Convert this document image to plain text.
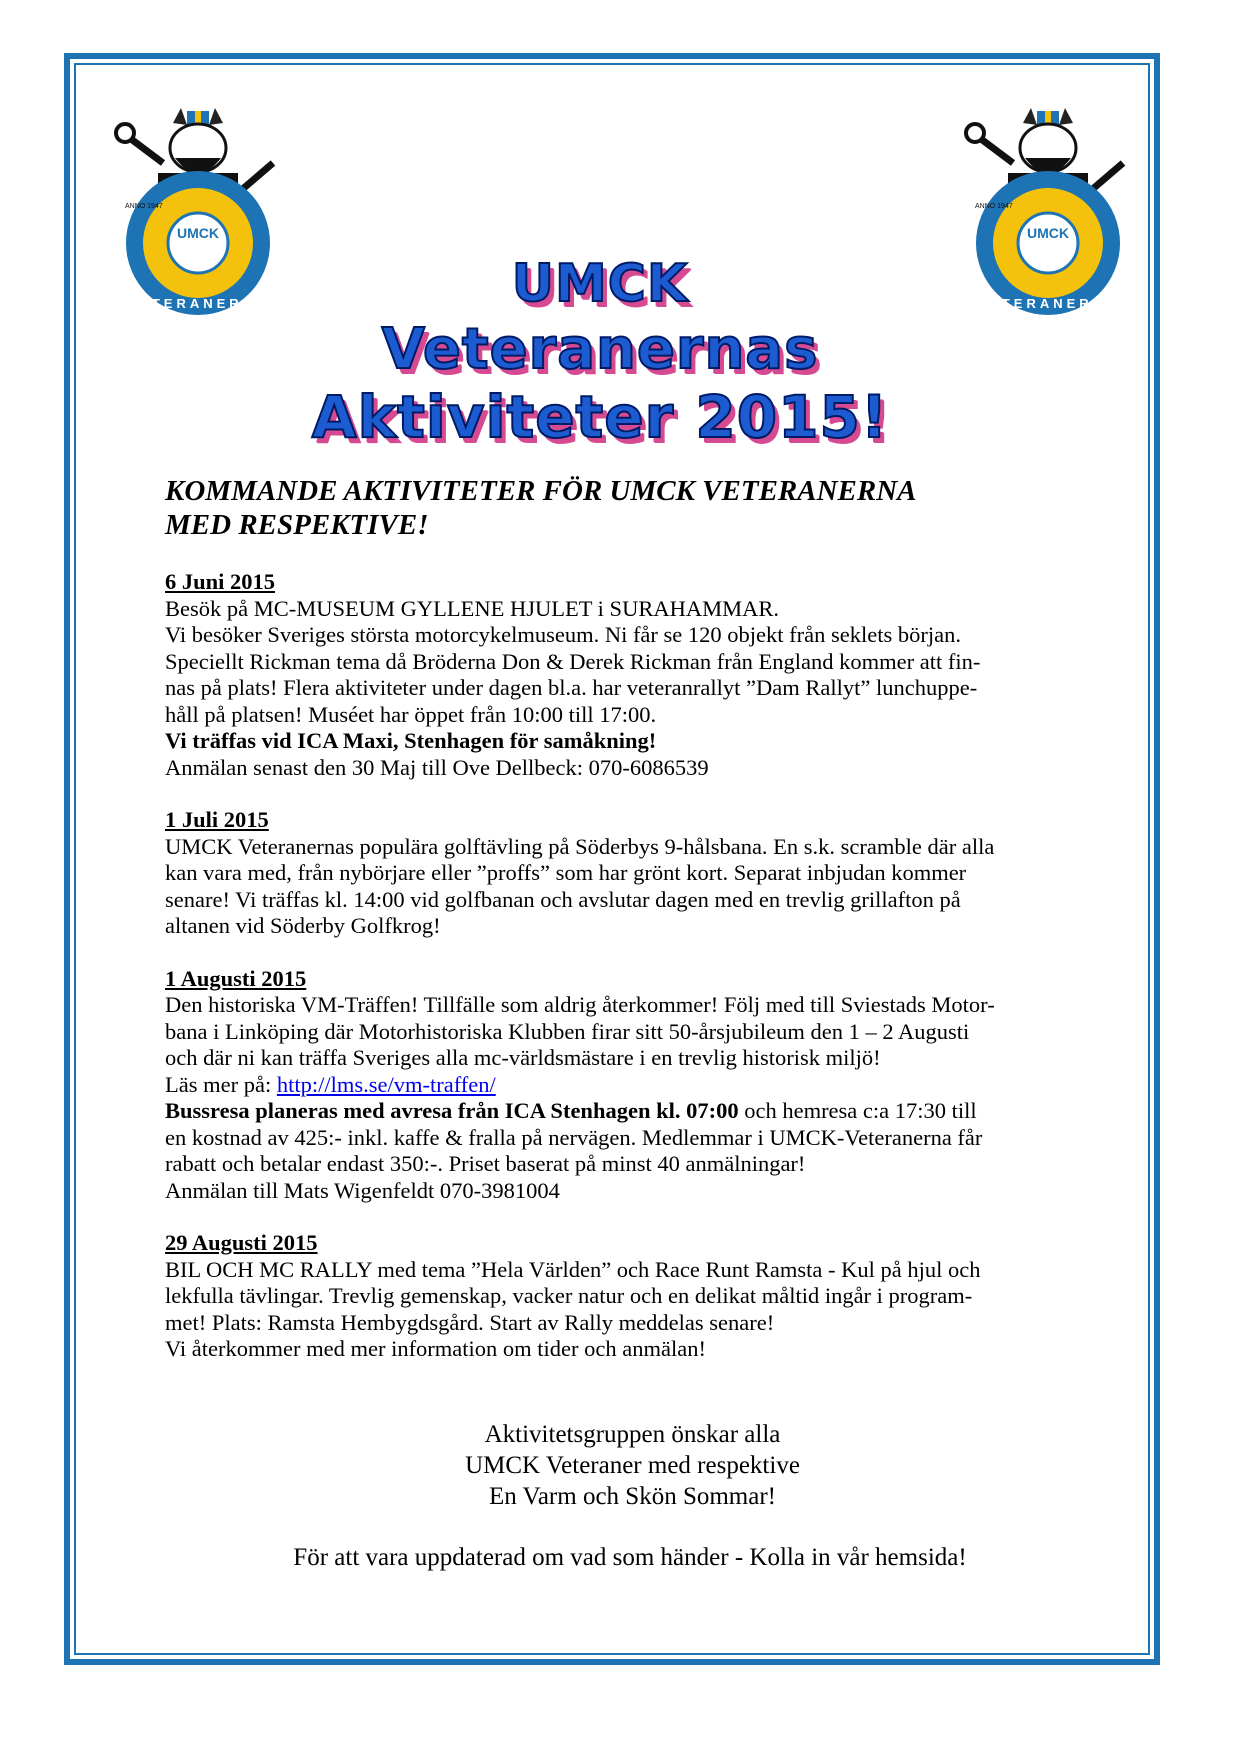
UMCK
VETERANERNA
ANNO 1947
UMCK
VETERANERNA
ANNO 1947
UMCK
Veteranernas
Aktiviteter 2015!
KOMMANDE AKTIVITETER FÖR UMCK VETERANERNA
MED RESPEKTIVE!
6 Juni 2015

Besök på MC-MUSEUM GYLLENE HJULET i SURAHAMMAR.

Vi besöker Sveriges största motorcykelmuseum. Ni får se 120 objekt från seklets början.

Speciellt Rickman tema då Bröderna Don & Derek Rickman från England kommer att fin-

nas på plats! Flera aktiviteter under dagen bl.a. har veteranrallyt ”Dam Rallyt” lunchuppe-

håll på platsen! Muséet har öppet från 10:00 till 17:00.

Vi träffas vid ICA Maxi, Stenhagen för samåkning!

Anmälan senast den 30 Maj till Ove Dellbeck: 070-6086539

1 Juli 2015

UMCK Veteranernas populära golftävling på Söderbys 9-hålsbana. En s.k. scramble där alla

kan vara med, från nybörjare eller ”proffs” som har grönt kort. Separat inbjudan kommer

senare! Vi träffas kl. 14:00 vid golfbanan och avslutar dagen med en trevlig grillafton på

altanen vid Söderby Golfkrog!

1 Augusti 2015

Den historiska VM-Träffen! Tillfälle som aldrig återkommer! Följ med till Sviestads Motor-

bana i Linköping där Motorhistoriska Klubben firar sitt 50-årsjubileum den 1 – 2 Augusti

och där ni kan träffa Sveriges alla mc-världsmästare i en trevlig historisk miljö!

Läs mer på: http://lms.se/vm-traffen/

Bussresa planeras med avresa från ICA Stenhagen kl. 07:00 och hemresa c:a 17:30 till

en kostnad av 425:- inkl. kaffe & fralla på nervägen. Medlemmar i UMCK-Veteranerna får

rabatt och betalar endast 350:-. Priset baserat på minst 40 anmälningar!

Anmälan till Mats Wigenfeldt 070-3981004

29 Augusti 2015

BIL OCH MC RALLY med tema ”Hela Världen” och Race Runt Ramsta - Kul på hjul och

lekfulla tävlingar. Trevlig gemenskap, vacker natur och en delikat måltid ingår i program-

met! Plats: Ramsta Hembygdsgård. Start av Rally meddelas senare!

Vi återkommer med mer information om tider och anmälan!

Aktivitetsgruppen önskar alla

UMCK Veteraner med respektive

En Varm och Skön Sommar!

För att vara uppdaterad om vad som händer - Kolla in vår hemsida!
